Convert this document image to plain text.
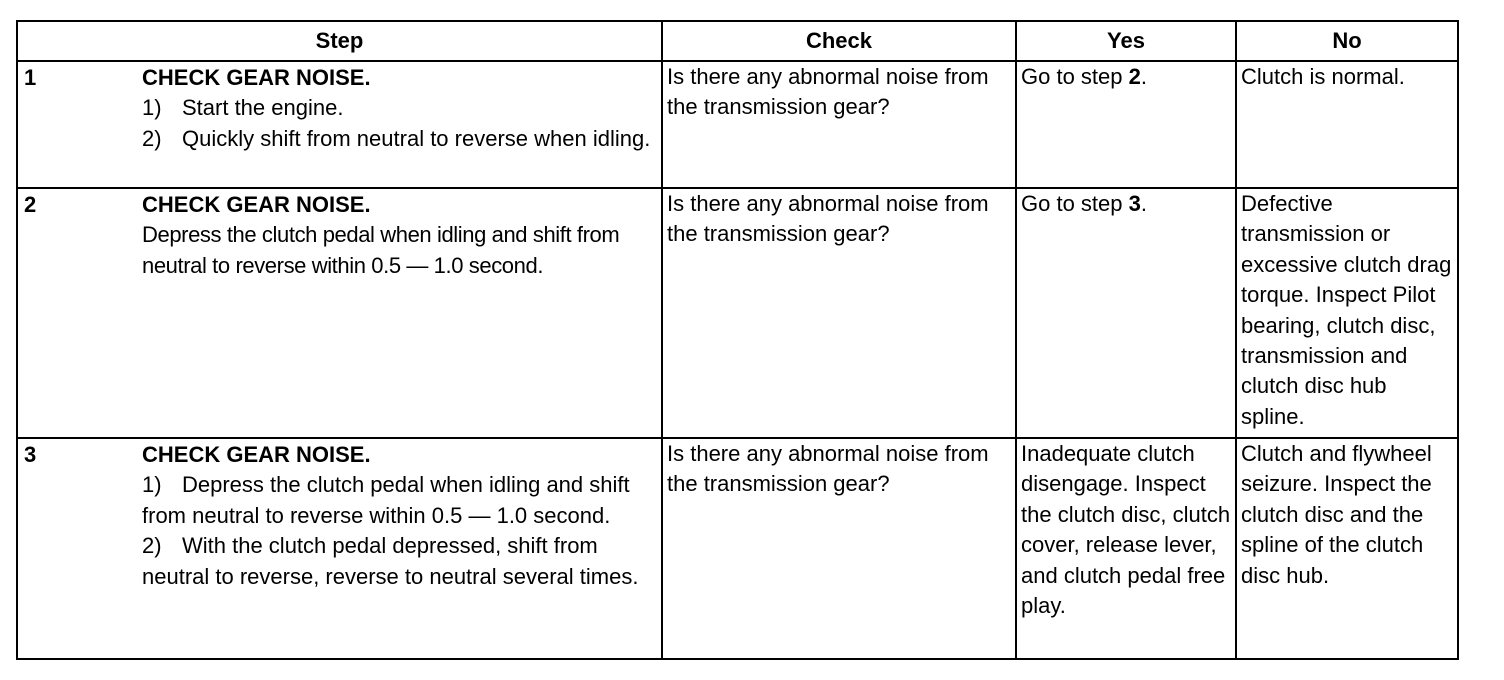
Step	Check	Yes	No

1 CHECK GEAR NOISE.
1) Start the engine.
2) Quickly shift from neutral to reverse when idling.	Is there any abnormal noise from the transmission gear?	Go to step 2.	Clutch is normal.

2 CHECK GEAR NOISE.
Depress the clutch pedal when idling and shift from neutral to reverse within 0.5 — 1.0 second.	Is there any abnormal noise from the transmission gear?	Go to step 3.	Defective transmission or excessive clutch drag torque. Inspect Pilot bearing, clutch disc, transmission and clutch disc hub spline.

3 CHECK GEAR NOISE.
1) Depress the clutch pedal when idling and shift from neutral to reverse within 0.5 — 1.0 second.
2) With the clutch pedal depressed, shift from neutral to reverse, reverse to neutral several times.	Is there any abnormal noise from the transmission gear?	Inadequate clutch disengage. Inspect the clutch disc, clutch cover, release lever, and clutch pedal free play.	Clutch and flywheel seizure. Inspect the clutch disc and the spline of the clutch disc hub.
